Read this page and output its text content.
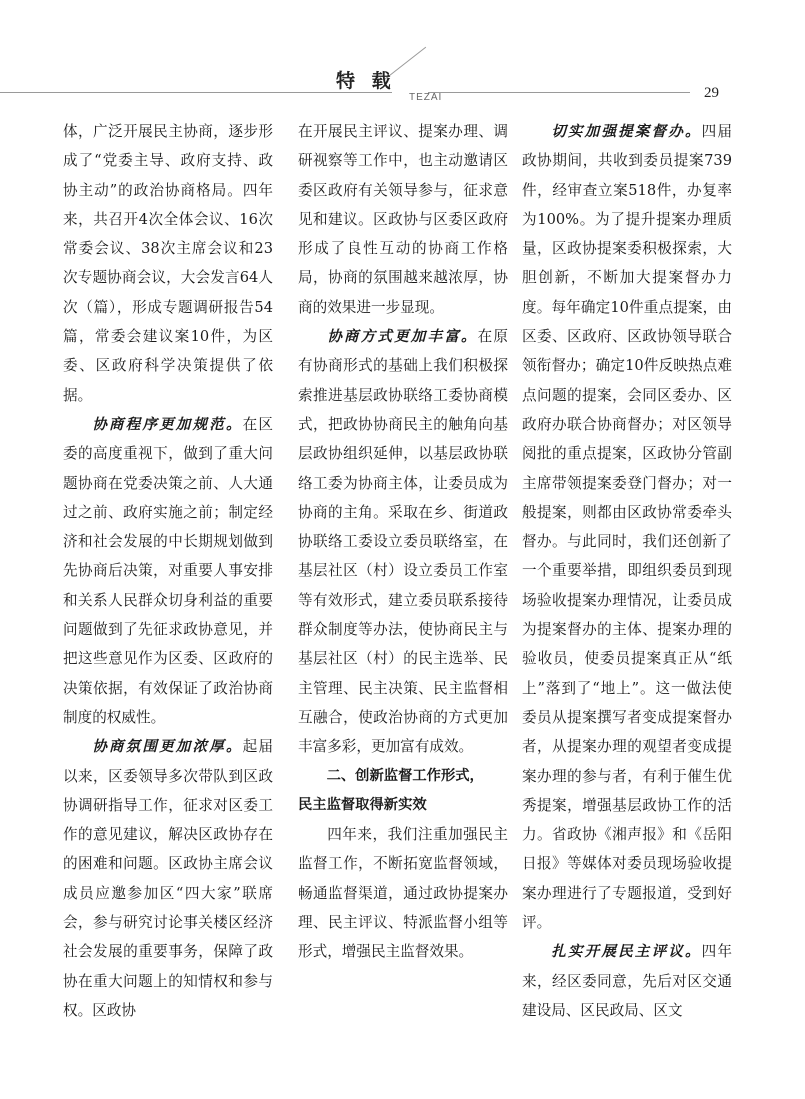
特 载
TEZAI	29

体，广泛开展民主协商，逐步形成了“党委主导、政府支持、政协主动”的政治协商格局。四年来，共召开4次全体会议、16次常委会议、38次主席会议和23次专题协商会议，大会发言64人次（篇），形成专题调研报告54篇，常委会建议案10件，为区委、区政府科学决策提供了依据。

协商程序更加规范。在区委的高度重视下，做到了重大问题协商在党委决策之前、人大通过之前、政府实施之前；制定经济和社会发展的中长期规划做到先协商后决策，对重要人事安排和关系人民群众切身利益的重要问题做到了先征求政协意见，并把这些意见作为区委、区政府的决策依据，有效保证了政治协商制度的权威性。

协商氛围更加浓厚。起届以来，区委领导多次带队到区政协调研指导工作，征求对区委工作的意见建议，解决区政协存在的困难和问题。区政协主席会议成员应邀参加区“四大家”联席会，参与研究讨论事关楼区经济社会发展的重要事务，保障了政协在重大问题上的知情权和参与权。区政协

在开展民主评议、提案办理、调研视察等工作中，也主动邀请区委区政府有关领导参与，征求意见和建议。区政协与区委区政府形成了良性互动的协商工作格局，协商的氛围越来越浓厚，协商的效果进一步显现。

协商方式更加丰富。在原有协商形式的基础上我们积极探索推进基层政协联络工委协商模式，把政协协商民主的触角向基层政协组织延伸，以基层政协联络工委为协商主体，让委员成为协商的主角。采取在乡、街道政协联络工委设立委员联络室，在基层社区（村）设立委员工作室等有效形式，建立委员联系接待群众制度等办法，使协商民主与基层社区（村）的民主选举、民主管理、民主决策、民主监督相互融合，使政治协商的方式更加丰富多彩，更加富有成效。

二、创新监督工作形式，

民主监督取得新实效

四年来，我们注重加强民主监督工作，不断拓宽监督领域，畅通监督渠道，通过政协提案办理、民主评议、特派监督小组等形式，增强民主监督效果。

切实加强提案督办。四届政协期间，共收到委员提案739 件，经审查立案518件，办复率为100%。为了提升提案办理质量，区政协提案委积极探索，大胆创新，不断加大提案督办力度。每年确定10件重点提案，由区委、区政府、区政协领导联合领衔督办；确定10件反映热点难点问题的提案，会同区委办、区政府办联合协商督办；对区领导阅批的重点提案，区政协分管副主席带领提案委登门督办；对一般提案，则都由区政协常委牵头督办。与此同时，我们还创新了一个重要举措，即组织委员到现场验收提案办理情况，让委员成为提案督办的主体、提案办理的验收员，使委员提案真正从“纸上”落到了“地上”。这一做法使委员从提案撰写者变成提案督办者，从提案办理的观望者变成提案办理的参与者，有利于催生优秀提案，增强基层政协工作的活力。省政协《湘声报》和《岳阳日报》等媒体对委员现场验收提案办理进行了专题报道，受到好评。

扎实开展民主评议。四年来，经区委同意，先后对区交通建设局、区民政局、区文
